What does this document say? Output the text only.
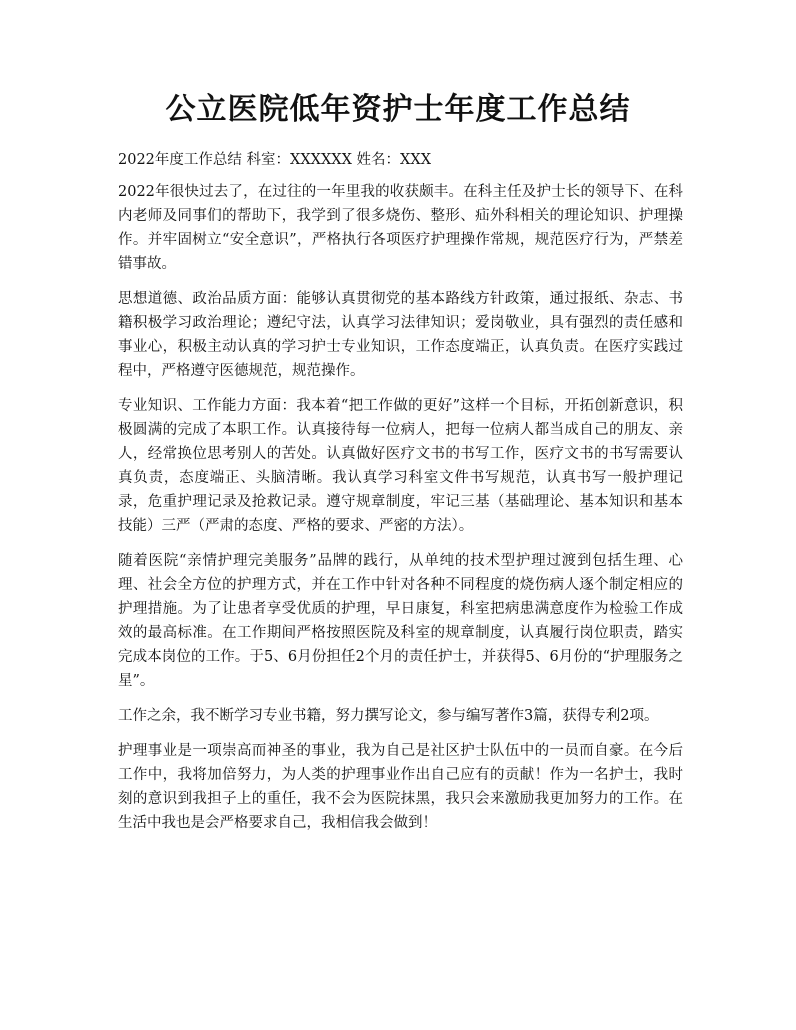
公立医院低年资护士年度工作总结
2022年度工作总结 科室：XXXXXX 姓名：XXX

2022年很快过去了，在过往的一年里我的收获颇丰。在科主任及护士长的领导下、在科内老师及同事们的帮助下，我学到了很多烧伤、整形、疝外科相关的理论知识、护理操作。并牢固树立“安全意识”，严格执行各项医疗护理操作常规，规范医疗行为，严禁差错事故。

思想道德、政治品质方面：能够认真贯彻党的基本路线方针政策，通过报纸、杂志、书籍积极学习政治理论；遵纪守法，认真学习法律知识；爱岗敬业，具有强烈的责任感和事业心，积极主动认真的学习护士专业知识，工作态度端正，认真负责。在医疗实践过程中，严格遵守医德规范，规范操作。

专业知识、工作能力方面：我本着“把工作做的更好”这样一个目标，开拓创新意识，积极圆满的完成了本职工作。认真接待每一位病人，把每一位病人都当成自己的朋友、亲人，经常换位思考别人的苦处。认真做好医疗文书的书写工作，医疗文书的书写需要认真负责，态度端正、头脑清晰。我认真学习科室文件书写规范，认真书写一般护理记录，危重护理记录及抢救记录。遵守规章制度，牢记三基（基础理论、基本知识和基本技能）三严（严肃的态度、严格的要求、严密的方法）。

随着医院“亲情护理完美服务”品牌的践行，从单纯的技术型护理过渡到包括生理、心理、社会全方位的护理方式，并在工作中针对各种不同程度的烧伤病人逐个制定相应的护理措施。为了让患者享受优质的护理，早日康复，科室把病患满意度作为检验工作成效的最高标准。在工作期间严格按照医院及科室的规章制度，认真履行岗位职责，踏实完成本岗位的工作。于5、6月份担任2个月的责任护士，并获得5、6月份的“护理服务之星”。

工作之余，我不断学习专业书籍，努力撰写论文，参与编写著作3篇，获得专利2项。

护理事业是一项崇高而神圣的事业，我为自己是社区护士队伍中的一员而自豪。在今后工作中，我将加倍努力，为人类的护理事业作出自己应有的贡献！作为一名护士，我时刻的意识到我担子上的重任，我不会为医院抹黑，我只会来激励我更加努力的工作。在生活中我也是会严格要求自己，我相信我会做到！
